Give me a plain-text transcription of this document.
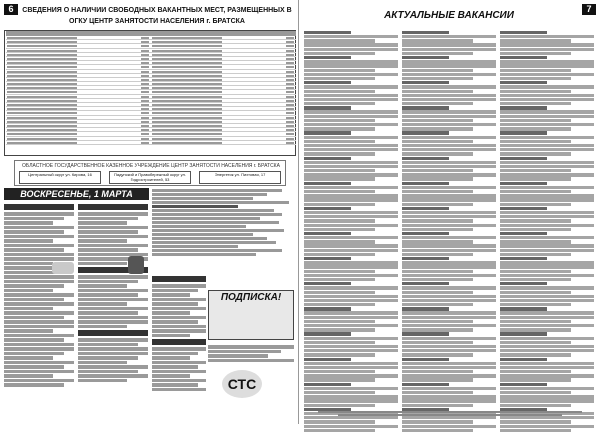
6	СВЕДЕНИЯ О НАЛИЧИИ СВОБОДНЫХ ВАКАНТНЫХ МЕСТ, РАЗМЕЩЕННЫХ В ОГКУ ЦЕНТР ЗАНЯТОСТИ НАСЕЛЕНИЯ г. БРАТСКА
ОБЛАСТНОЕ ГОСУДАРСТВЕННОЕ КАЗЕННОЕ УЧРЕЖДЕНИЕ ЦЕНТР ЗАНЯТОСТИ НАСЕЛЕНИЯ г. БРАТСКА
Центральный округ ул. Кирова, 16	Падунский и Правобережный округ ул. Гидростроителей, 53
Энергетик ул. Пихтовая, 17
ВОСКРЕСЕНЬЕ, 1 МАРТА
ПОДПИСКА!
СТС
7
АКТУАЛЬНЫЕ ВАКАНСИИ
